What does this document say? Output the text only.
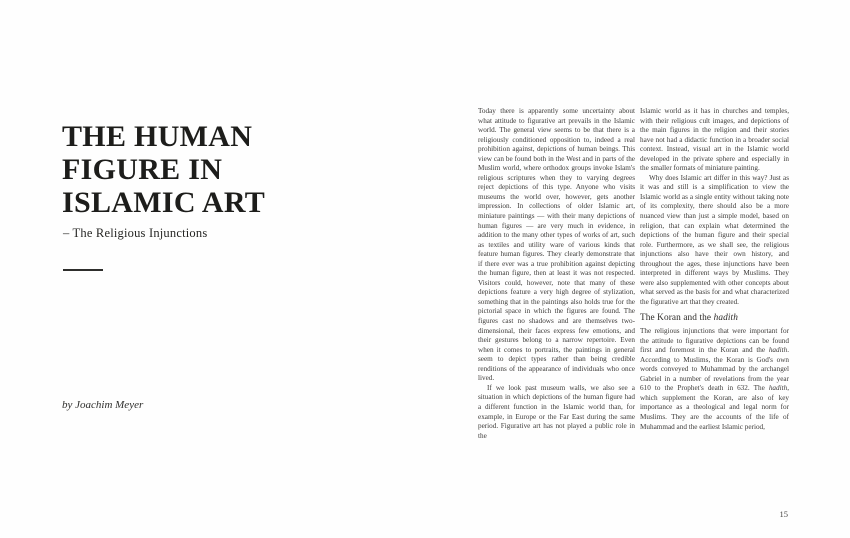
THE HUMAN
FIGURE IN
ISLAMIC ART
– The Religious Injunctions
by Joachim Meyer

Today there is apparently some uncertainty about what attitude to figurative art prevails in the Islamic world. The general view seems to be that there is a religiously conditioned opposition to, indeed a real prohibition against, depictions of human beings. This view can be found both in the West and in parts of the Muslim world, where orthodox groups invoke Islam's religious scriptures when they to varying degrees reject depictions of this type. Anyone who visits museums the world over, however, gets another impression. In collections of older Islamic art, miniature paintings — with their many depictions of human figures — are very much in evidence, in addition to the many other types of works of art, such as textiles and utility ware of various kinds that feature human figures. They clearly demonstrate that if there ever was a true prohibition against depicting the human figure, then at least it was not respected. Visitors could, however, note that many of these depictions feature a very high degree of stylization, something that in the paintings also holds true for the pictorial space in which the figures are found. The figures cast no shadows and are themselves two-dimensional, their faces express few emotions, and their gestures belong to a narrow repertoire. Even when it comes to portraits, the paintings in general seem to depict types rather than being credible renditions of the appearance of individuals who once lived.

If we look past museum walls, we also see a situation in which depictions of the human figure had a different function in the Islamic world than, for example, in Europe or the Far East during the same period. Figurative art has not played a public role in the

Islamic world as it has in churches and temples, with their religious cult images, and depictions of the main figures in the religion and their stories have not had a didactic function in a broader social context. Instead, visual art in the Islamic world developed in the private sphere and especially in the smaller formats of miniature painting.

Why does Islamic art differ in this way? Just as it was and still is a simplification to view the Islamic world as a single entity without taking note of its complexity, there should also be a more nuanced view than just a simple model, based on religion, that can explain what determined the depictions of the human figure and their special role. Furthermore, as we shall see, the religious injunctions also have their own history, and throughout the ages, these injunctions have been interpreted in different ways by Muslims. They were also supplemented with other concepts about what served as the basis for and what characterized the figurative art that they created.

The Koran and the hadith

The religious injunctions that were important for the attitude to figurative depictions can be found first and foremost in the Koran and the hadith. According to Muslims, the Koran is God's own words conveyed to Muhammad by the archangel Gabriel in a number of revelations from the year 610 to the Prophet's death in 632. The hadith, which supplement the Koran, are also of key importance as a theological and legal norm for Muslims. They are the accounts of the life of Muhammad and the earliest Islamic period,

15
